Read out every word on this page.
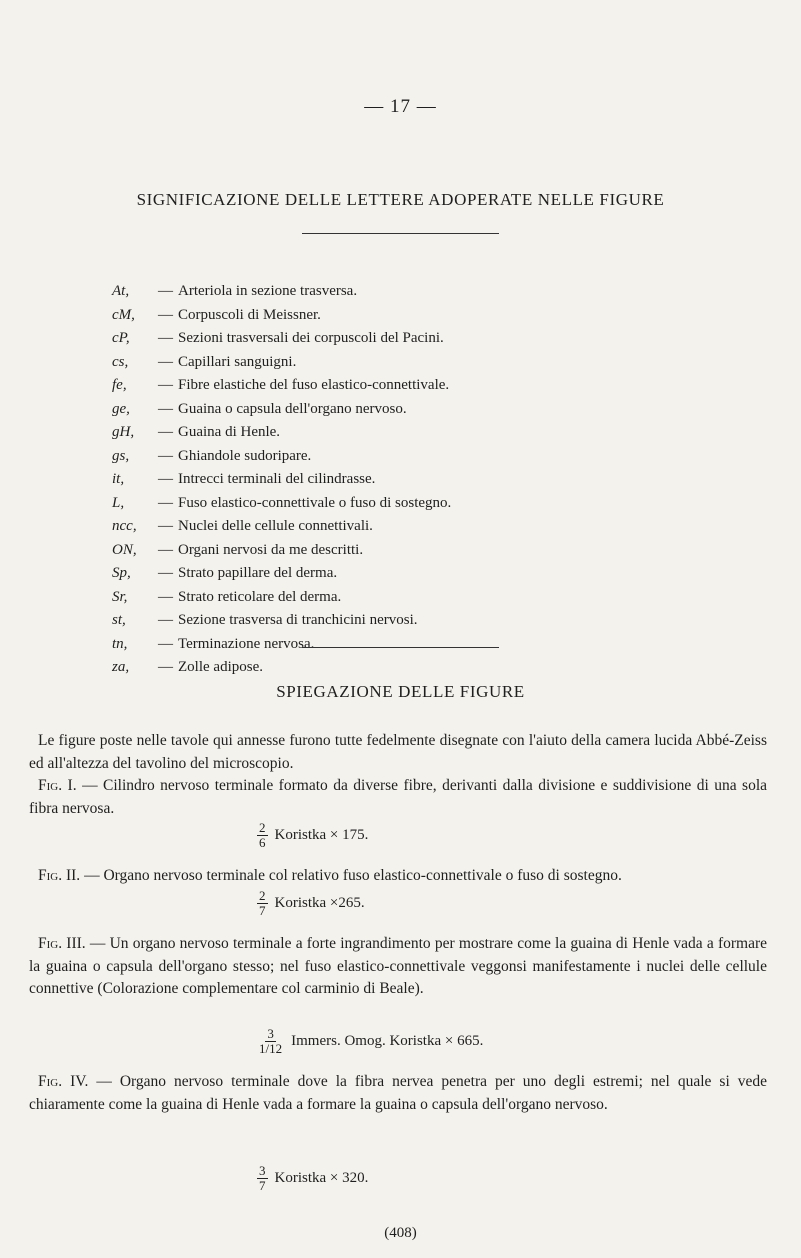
— 17 —
SIGNIFICAZIONE DELLE LETTERE ADOPERATE NELLE FIGURE
At,	— Arteriola in sezione trasversa.
cM,	— Corpuscoli di Meissner.
cP,	— Sezioni trasversali dei corpuscoli del Pacini.
cs,	— Capillari sanguigni.
fe,	— Fibre elastiche del fuso elastico-connettivale.
ge,	— Guaina o capsula dell'organo nervoso.
gH,	— Guaina di Henle.
gs,	— Ghiandole sudoripare.
it,	— Intrecci terminali del cilindrasse.
L,	— Fuso elastico-connettivale o fuso di sostegno.
ncc,	— Nuclei delle cellule connettivali.
ON,	— Organi nervosi da me descritti.
Sp,	— Strato papillare del derma.
Sr,	— Strato reticolare del derma.
st,	— Sezione trasversa di tranchicini nervosi.
tn,	— Terminazione nervosa.
za,	— Zolle adipose.
SPIEGAZIONE DELLE FIGURE
Le figure poste nelle tavole qui annesse furono tutte fedelmente disegnate con l'aiuto della camera lucida Abbé-Zeiss ed all'altezza del tavolino del microscopio.
Fig. I. — Cilindro nervoso terminale formato da diverse fibre, derivanti dalla divisione e suddivisione di una sola fibra nervosa.
$\frac{2}{6}$ Koristka × 175.
Fig. II. — Organo nervoso terminale col relativo fuso elastico-connettivale o fuso di sostegno.
$\frac{2}{7}$ Koristka ×265.
Fig. III. — Un organo nervoso terminale a forte ingrandimento per mostrare come la guaina di Henle vada a formare la guaina o capsula dell'organo stesso; nel fuso elastico-connettivale veggonsi manifestamente i nuclei delle cellule connettive (Colorazione complementare col carminio di Beale).
$\frac{3}{1/12}$ Immers. Omog. Koristka × 665.
Fig. IV. — Organo nervoso terminale dove la fibra nervea penetra per uno degli estremi; nel quale si vede chiaramente come la guaina di Henle vada a formare la guaina o capsula dell'organo nervoso.
$\frac{3}{7}$ Koristka × 320.
(408)
